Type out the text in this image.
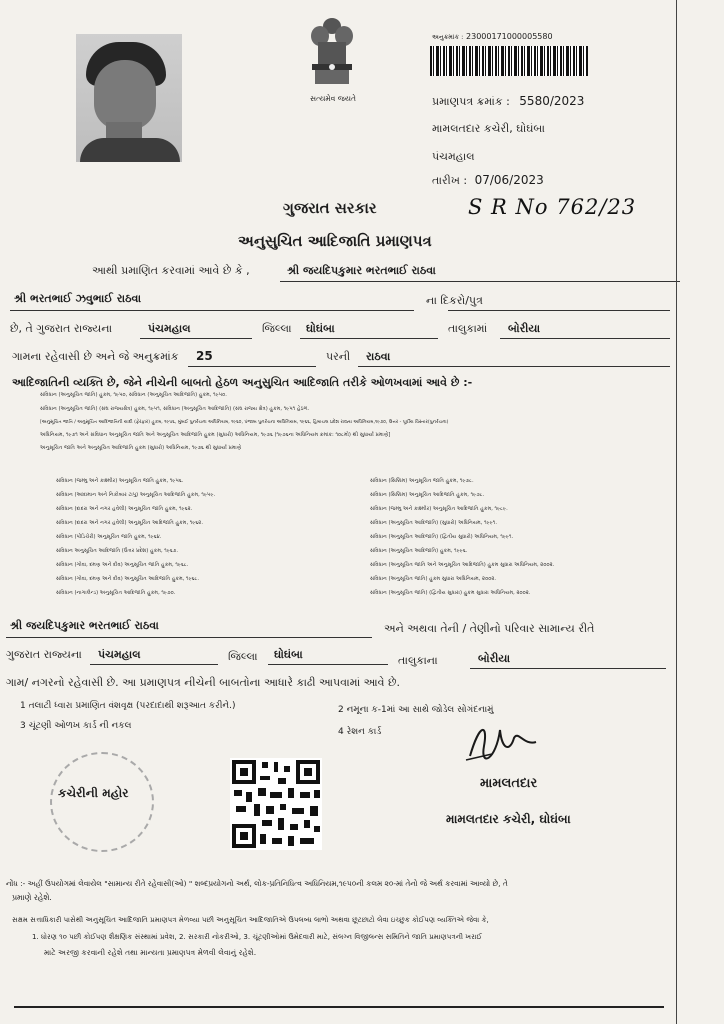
સત્યમેવ જયતે
અનુક્રમાંક : 23000171000005580
પ્રમાણપત્ર ક્રમાંક : 5580/2023
મામલતદાર કચેરી, ઘોઘંબા
પંચમહાલ
તારીખ : 07/06/2023
ગુજરાત સરકાર	S R No 762/23
અનુસુચિત આદિજાતિ પ્રમાણપત્ર
આથી પ્રમાણિત કરવામાં આવે છે કે ,	શ્રી જયદિપકુમાર ભરતભાઈ રાઠવા
શ્રી ભરતભાઈ ઝવુભાઈ રાઠવા	ના દિકરો/પુત્ર
છે, તે ગુજરાત રાજ્યના	પંચમહાલ	જિલ્લા ઘોઘંબા	તાલુકામાં બોરીયા
ગામના રહેવાસી છે અને જે અનુક્રમાંક 25	પરની રાઠવા
આદિજાતિની વ્યક્તિ છે, જેને નીચેની બાબતો હેઠળ અનુસુચિત આદિજાતિ તરીકે ઓળખવામાં આવે છે :-
સંવિધાન (અનુસૂચિત જાતિ) હુકમ, ૧૯૫૦, સંવિધાન (અનુસૂચિત આદિજાતિ) હુકમ, ૧૯૫૦.
સંવિધાન (અનુસૂચિત જાતિ) (સંઘ રાજ્યક્ષેત્ર) હુકમ, ૧૯૫૧, સંવિધાન (અનુસૂચિત આદિજાતિ) (સંઘ રાજ્ય ક્ષેત્ર) હુકમ, ૧૯૫૧ હેઠળ.
[અનુસૂચિત જાતિ / અનુસૂચિત આદિજાતિની યાદી (ફેરફાર) હુકમ, ૧૯૫૬, મુંબઈ પુનર્રચના અધિનિયમ, ૧૯૬૦, પંજાબ પુનર્રચના અધિનિયમ, ૧૯૬૬, હિમાચલ પ્રદેશ રાજ્ય અધિનિયમ,૧૯૭૦, ઉત્તર - પૂર્વીય વિસ્તાર(પુનર્રચના)
અધિનિયમ, ૧૯૭૧ અને સંવિધાન અનુસૂચિત જાતિ અને અનુસૂચિત આદિજાતિ હુકમ (સુધારો) અધિનિયમ, ૧૯૭૬ (૧૯૭૬ના અધિનિયમ ક્રમાંક: ૧૦૮મો) થી સુધાર્યા પ્રમાણે]
અનુસૂચિત જાતિ અને અનુસૂચિત આદિજાતિ હુકમ (સુધારો) અધિનિયમ, ૧૯૭૬ થી સુધાર્યા પ્રમાણે
સંવિધાન (જમ્મુ અને કાશ્મીર) અનુસૂચિત જાતિ હુકમ, ૧૯૫૬.
સંવિધાન (આંદામાન અને નિકોબાર ટાપુ) અનુસૂચિત આદિજાતિ હુકમ, ૧૯૫૯.
સંવિધાન (દાદરા અને નગર હવેલી) અનુસૂચિત જાતિ હુકમ, ૧૯૬૨.
સંવિધાન (દાદરા અને નગર હવેલી) અનુસૂચિત આદિજાતિ હુકમ, ૧૯૬૨.
સંવિધાન (પોંડિચેરી) અનુસૂચિત જાતિ હુકમ, ૧૯૬૪.
સંવિધાન અનુસૂચિત આદિજાતિ (ઉત્તર પ્રદેશ) હુકમ, ૧૯૬૭.
સંવિધાન (ગોવા, દમણ અને દીવ) અનુસૂચિત જાતિ હુકમ, ૧૯૬૮.
સંવિધાન (ગોવા, દમણ અને દીવ) અનુસૂચિત આદિજાતિ હુકમ, ૧૯૬૮.
સંવિધાન (નાગાલેન્ડ) અનુસૂચિત આદિજાતિ હુકમ, ૧૯૭૦.
સંવિધાન (સિક્કિમ) અનુસૂચિત જાતિ હુકમ, ૧૯૭૮.
સંવિધાન (સિક્કિમ) અનુસૂચિત આદિજાતિ હુકમ, ૧૯૭૮.
સંવિધાન (જમ્મુ અને કાશ્મીર) અનુસૂચિત આદિજાતિ હુકમ, ૧૯૮૯.
સંવિધાન (અનુસૂચિત આદિજાતિ) (સુધારો) અધિનિયમ, ૧૯૯૧.
સંવિધાન (અનુસૂચિત આદિજાતિ) (દ્વિતીય સુધારો) અધિનિયમ, ૧૯૯૧.
સંવિધાન (અનુસૂચિત આદિજાતિ) હુકમ, ૧૯૯૬.
સંવિધાન (અનુસૂચિત જાતિ અને અનુસૂચિત આદિજાતિ) હુકમ સુધારા અધિનિયમ, ૨૦૦૨.
સંવિધાન (અનુસૂચિત જાતિ) હુકમ સુધારા અધિનિયમ, ૨૦૦૨.
સંવિધાન (અનુસૂચિત જાતિ) (દ્વિતીય સુધારા) હુકમ સુધારા અધિનિયમ, ૨૦૦૨.
શ્રી જયદિપકુમાર ભરતભાઈ રાઠવા	અને અથવા તેની / તેણીનો પરિવાર સામાન્ય રીતે
ગુજરાત રાજ્યના પંચમહાલ	જિલ્લા ઘોઘંબા	તાલુકાના	બોરીયા
ગામ/ નગરનો રહેવાસી છે. આ પ્રમાણપત્ર નીચેની બાબતોના આધારે કાઢી આપવામાં આવે છે.
1 તલાટી ધ્વારા પ્રમાણિત વંશવૃક્ષ (પરદાદાથી શરૂઆત કરીને.)	2 નમૂના ક-1માં આ સાથે જોડેલ સોગંદનામું
3 ચૂંટણી ઓળખ કાર્ડ ની નકલ
4 રેશન કાર્ડ
મામલતદાર
મામલતદાર કચેરી, ઘોઘંબા
કચેરીની મહોર
નોંધ :- અહીં ઉપયોગમાં લેવાયેલ "સામાન્ય રીતે રહેવાસી(ઓ) " શબ્દપ્રયોગનો અર્થ, લોક-પ્રતિનિધિત્વ અધિનિયમ,૧૯૫૦ની કલમ ૨૦-માં તેનો જે અર્થ કરવામાં આવ્યો છે, તે
પ્રમાણે રહેશે.
સક્ષમ સત્તાધિકારી પાસેથી અનુસૂચિત આદિજાતિ પ્રમાણપત્ર મેળવ્યા પછી અનુસૂચિત આદિજાતિએ ઉપલબ્ધ લાભો અથવા છૂટછાટો લેવા ઇચ્છુક કોઈપણ વ્યક્તિએ જેવા કે,
1. ધોરણ ૧૦ પછી કોઈપણ શૈક્ષણિક સંસ્થામાં પ્રવેશ, 2. સરકારી નોકરીઓ, 3. ચૂંટણીઓમાં ઉમેદવારી માટે, સંલગ્ન વિજીલન્સ સમિતિને જાતિ પ્રમાણપત્રની ખરાઈ
માટે અરજી કરવાની રહેશે તથા માન્યતા પ્રમાણપત્ર મેળવી લેવાનું રહેશે.
